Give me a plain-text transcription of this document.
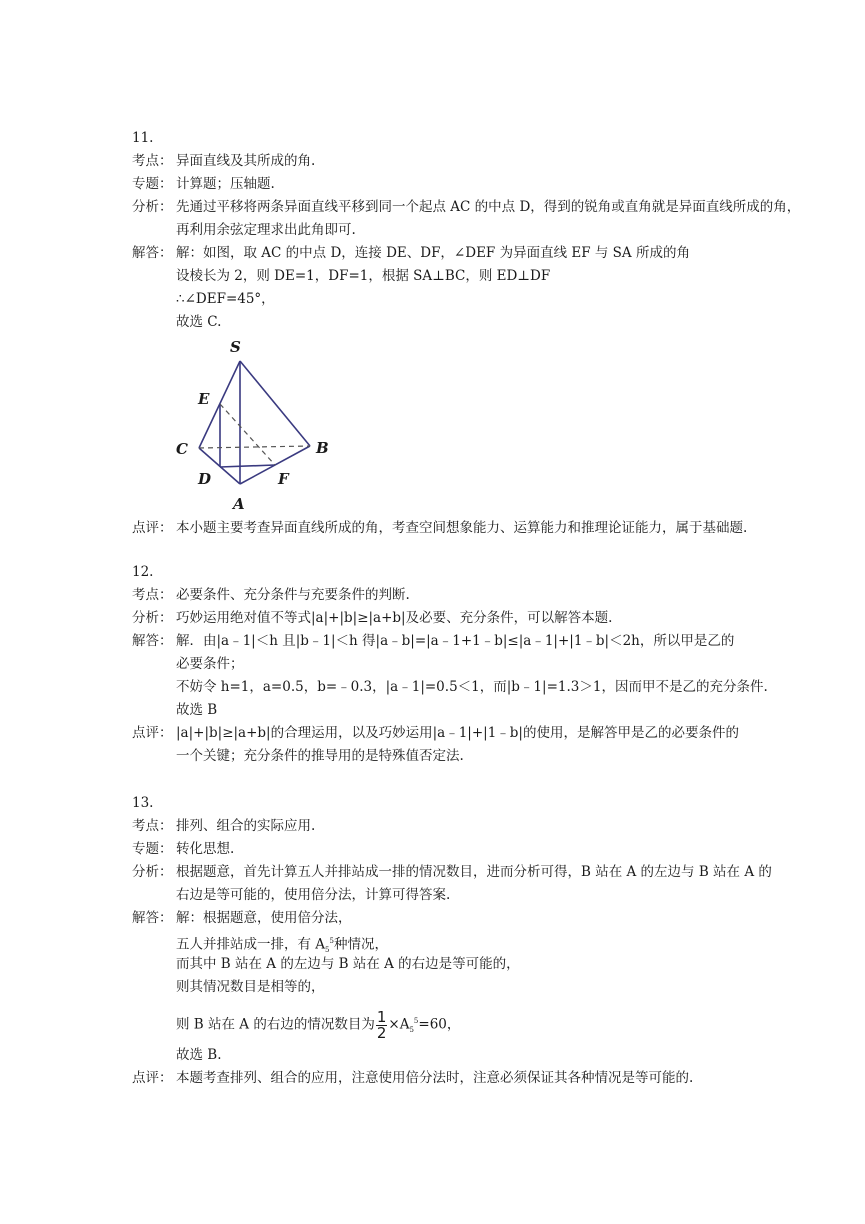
11.
考点： 异面直线及其所成的角.
专题： 计算题；压轴题.
分析： 先通过平移将两条异面直线平移到同一个起点 AC 的中点 D，得到的锐角或直角就是异面直线所成的角，
再利用余弦定理求出此角即可.
解答： 解：如图，取 AC 的中点 D，连接 DE、DF，∠DEF 为异面直线 EF 与 SA 所成的角
设棱长为 2，则 DE=1，DF=1，根据 SA⊥BC，则 ED⊥DF
∴∠DEF=45°，
故选 C.
S
E
C	B
D	F
A
点评： 本小题主要考查异面直线所成的角，考查空间想象能力、运算能力和推理论证能力，属于基础题.
12.
考点： 必要条件、充分条件与充要条件的判断.
分析： 巧妙运用绝对值不等式|a|+|b|≥|a+b|及必要、充分条件，可以解答本题.
解答： 解．由|a﹣1|＜h 且|b﹣1|＜h 得|a﹣b|=|a﹣1+1﹣b|≤|a﹣1|+|1﹣b|＜2h，所以甲是乙的
必要条件；
不妨令 h=1，a=0.5，b=﹣0.3，|a﹣1|=0.5＜1，而|b﹣1|=1.3＞1，因而甲不是乙的充分条件.
故选 B
点评： |a|+|b|≥|a+b|的合理运用，以及巧妙运用|a﹣1|+|1﹣b|的使用，是解答甲是乙的必要条件的
一个关键；充分条件的推导用的是特殊值否定法.
13.
考点： 排列、组合的实际应用.
专题： 转化思想.
分析： 根据题意，首先计算五人并排站成一排的情况数目，进而分析可得，B 站在 A 的左边与 B 站在 A 的
右边是等可能的，使用倍分法，计算可得答案.
解答： 解：根据题意，使用倍分法，
五人并排站成一排，有 $A_5^5$种情况，
而其中 B 站在 A 的左边与 B 站在 A 的右边是等可能的，
则其情况数目是相等的，
则 B 站在 A 的右边的情况数目为 $\frac{1}{2} \times A_5^5=60$，
故选 B.
点评： 本题考查排列、组合的应用，注意使用倍分法时，注意必须保证其各种情况是等可能的.
